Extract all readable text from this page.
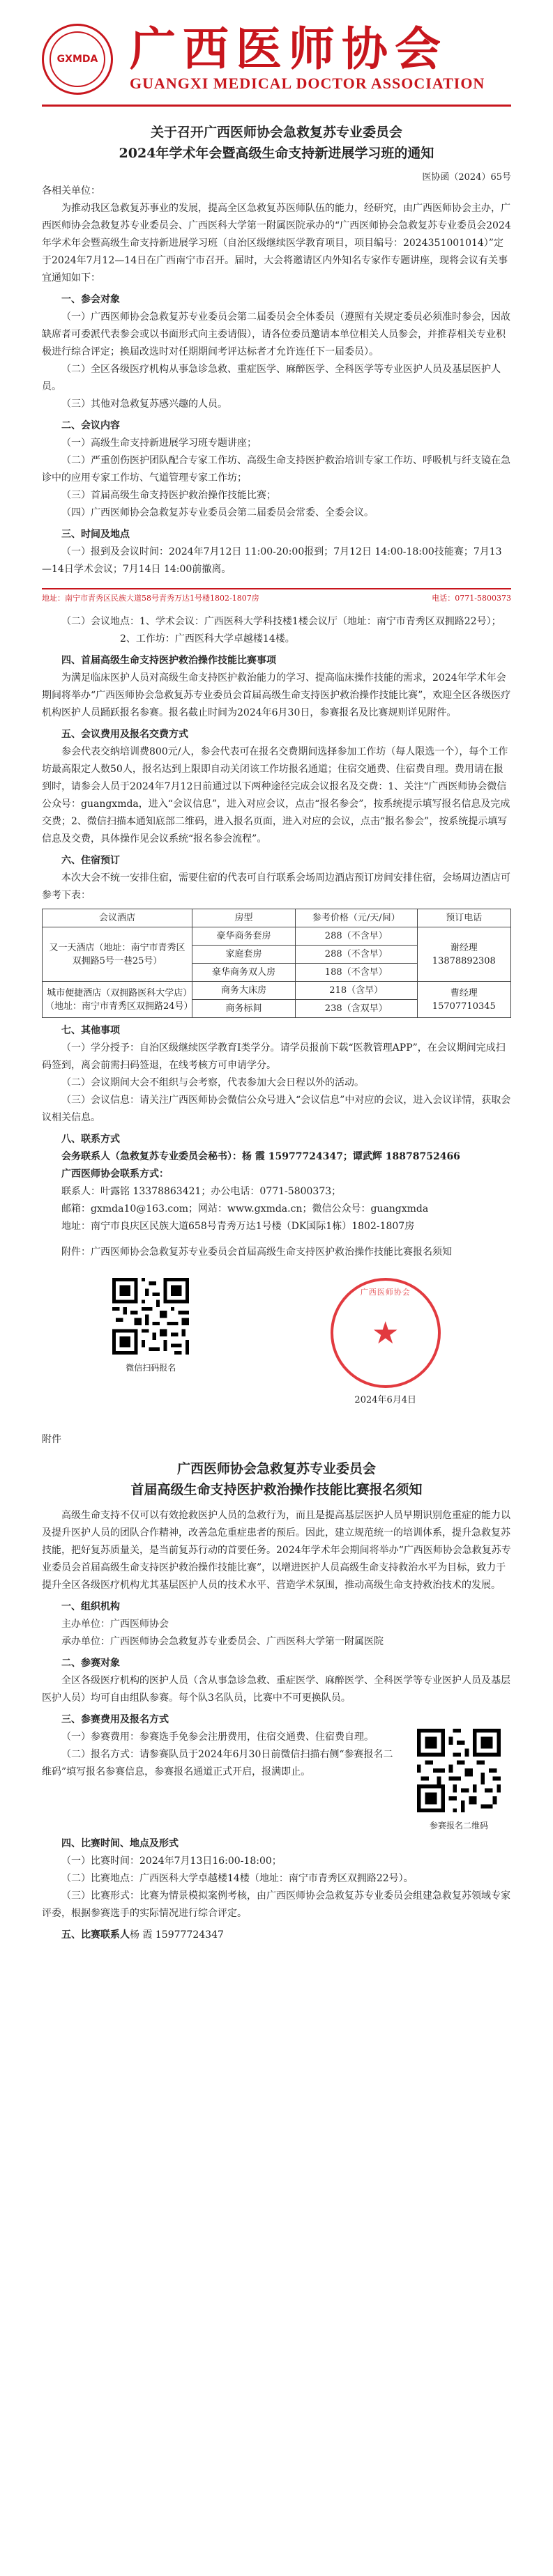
GXMDA 广西医师协会
GUANGXI MEDICAL DOCTOR ASSOCIATION
关于召开广西医师协会急救复苏专业委员会
2024年学术年会暨高级生命支持新进展学习班的通知
医协函（2024）65号

各相关单位：

为推动我区急救复苏事业的发展，提高全区急救复苏医师队伍的能力，经研究，由广西医师协会主办，广西医师协会急救复苏专业委员会、广西医科大学第一附属医院承办的“广西医师协会急救复苏专业委员会2024年学术年会暨高级生命支持新进展学习班（自治区级继续医学教育项目，项目编号：2024351001014）”定于2024年7月12—14日在广西南宁市召开。届时，大会将邀请区内外知名专家作专题讲座，现将会议有关事宜通知如下：

一、参会对象

（一）广西医师协会急救复苏专业委员会第二届委员会全体委员（遵照有关规定委员必须准时参会，因故缺席者可委派代表参会或以书面形式向主委请假），请各位委员邀请本单位相关人员参会，并推荐相关专业积极进行综合评定；换届改选时对任期期间考评达标者才允许连任下一届委员）。

（二）全区各级医疗机构从事急诊急救、重症医学、麻醉医学、全科医学等专业医护人员及基层医护人员。

（三）其他对急救复苏感兴趣的人员。

二、会议内容

（一）高级生命支持新进展学习班专题讲座；

（二）严重创伤医护团队配合专家工作坊、高级生命支持医护救治培训专家工作坊、呼吸机与纤支镜在急诊中的应用专家工作坊、气道管理专家工作坊；

（三）首届高级生命支持医护救治操作技能比赛；

（四）广西医师协会急救复苏专业委员会第二届委员会常委、全委会议。

三、时间及地点

（一）报到及会议时间：2024年7月12日 11:00-20:00报到；7月12日 14:00-18:00技能赛；7月13—14日学术会议；7月14日 14:00前撤离。

地址：南宁市青秀区民族大道58号青秀万达1号楼1802-1807房	电话：0771-5800373

（二）会议地点：1、学术会议：广西医科大学科技楼1楼会议厅（地址：南宁市青秀区双拥路22号）；

2、工作坊：广西医科大学卓越楼14楼。

四、首届高级生命支持医护救治操作技能比赛事项

为满足临床医护人员对高级生命支持医护救治能力的学习、提高临床操作技能的需求，2024年学术年会期间将举办“广西医师协会急救复苏专业委员会首届高级生命支持医护救治操作技能比赛”，欢迎全区各级医疗机构医护人员踊跃报名参赛。报名截止时间为2024年6月30日，参赛报名及比赛规则详见附件。

五、会议费用及报名交费方式

参会代表交纳培训费800元/人，参会代表可在报名交费期间选择参加工作坊（每人限选一个），每个工作坊最高限定人数50人，报名达到上限即自动关闭该工作坊报名通道；住宿交通费、住宿费自理。费用请在报到时，请参会人员于2024年7月12日前通过以下两种途径完成会议报名及交费：1、关注“广西医师协会微信公众号：guangxmda，进入“会议信息”，进入对应会议，点击“报名参会”，按系统提示填写报名信息及完成交费；2、微信扫描本通知底部二维码，进入报名页面，进入对应的会议，点击“报名参会”，按系统提示填写信息及交费，具体操作见会议系统“报名参会流程”。

六、住宿预订

本次大会不统一安排住宿，需要住宿的代表可自行联系会场周边酒店预订房间安排住宿，会场周边酒店可参考下表：

会议酒店	房型	参考价格（元/天/间）	预订电话
又一天酒店（地址：南宁市青秀区双拥路5号一巷25号）	豪华商务套房	288（不含早）	谢经理 13878892308
	家庭套房	288（不含早）	
	豪华商务双人房	188（不含早）	
城市便捷酒店（双拥路医科大学店）（地址：南宁市青秀区双拥路24号）	商务大床房	218（含早）	曹经理 15707710345
	商务标间	238（含双早）	

七、其他事项

（一）学分授予：自治区级继续医学教育Ⅰ类学分。请学员报前下载“医教管理APP”，在会议期间完成扫码签到，离会前需扫码签退，在线考核方可申请学分。

（二）会议期间大会不组织与会考察，代表参加大会日程以外的活动。

（三）会议信息：请关注广西医师协会微信公众号进入“会议信息”中对应的会议，进入会议详情，获取会议相关信息。

八、联系方式

会务联系人（急救复苏专业委员会秘书）：杨 霞 15977724347；谭武辉 18878752466

广西医师协会联系方式：

联系人：叶露铭 13378863421；办公电话：0771-5800373；

邮箱：gxmda10@163.com；网站：www.gxmda.cn；微信公众号：guangxmda

地址：南宁市良庆区民族大道658号青秀万达1号楼（DK国际1栋）1802-1807房

附件：广西医师协会急救复苏专业委员会首届高级生命支持医护救治操作技能比赛报名须知

微信扫码报名
广西医师协会
★
2024年6月4日

附件

广西医师协会急救复苏专业委员会
首届高级生命支持医护救治操作技能比赛报名须知

高级生命支持不仅可以有效抢救医护人员的急救行为，而且是提高基层医护人员早期识别危重症的能力以及提升医护人员的团队合作精神，改善急危重症患者的预后。因此，建立规范统一的培训体系，提升急救复苏技能，把好复苏质量关，是当前复苏行动的首要任务。2024年学术年会期间将举办“广西医师协会急救复苏专业委员会首届高级生命支持医护救治操作技能比赛”，以增进医护人员高级生命支持救治水平为目标，致力于提升全区各级医疗机构尤其基层医护人员的技术水平、营造学术氛围，推动高级生命支持救治技术的发展。

一、组织机构

主办单位：广西医师协会

承办单位：广西医师协会急救复苏专业委员会、广西医科大学第一附属医院

二、参赛对象

全区各级医疗机构的医护人员（含从事急诊急救、重症医学、麻醉医学、全科医学等专业医护人员及基层医护人员）均可自由组队参赛。每个队3名队员，比赛中不可更换队员。

三、参赛费用及报名方式

参赛报名二维码

（一）参赛费用：参赛选手免参会注册费用，住宿交通费、住宿费自理。

（二）报名方式：请参赛队员于2024年6月30日前微信扫描右侧“参赛报名二维码”填写报名参赛信息，参赛报名通道正式开启，报满即止。

四、比赛时间、地点及形式

（一）比赛时间：2024年7月13日16:00-18:00；

（二）比赛地点：广西医科大学卓越楼14楼（地址：南宁市青秀区双拥路22号）。

（三）比赛形式：比赛为情景模拟案例考核，由广西医师协会急救复苏专业委员会组建急救复苏领域专家评委，根据参赛选手的实际情况进行综合评定。

五、比赛联系人杨 霞 15977724347
